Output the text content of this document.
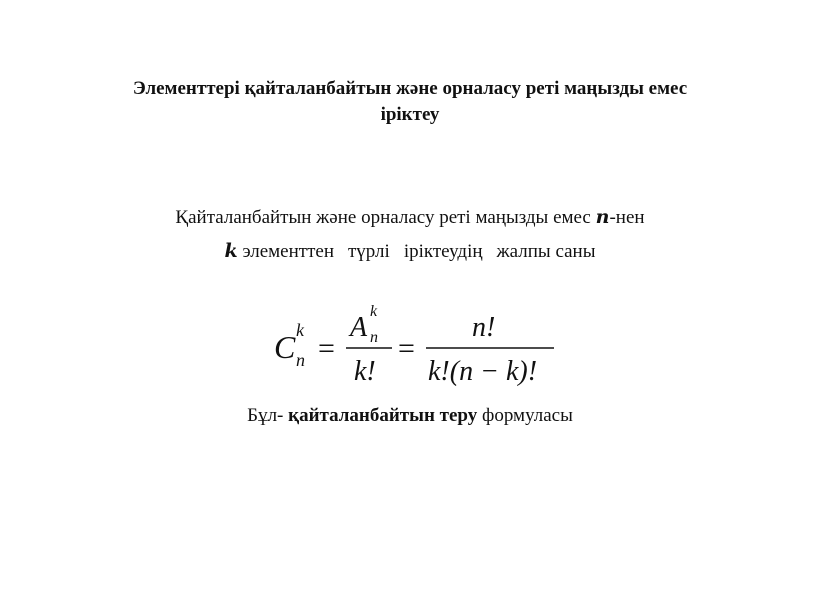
Элементтері қайталанбайтын және орналасу реті маңызды емес
іріктеу
Қайталанбайтын және орналасу реті маңызды емес 𝒏-нен
𝒌 элементтен түрлі іріктеудің жалпы саны
C k
n =
A
k
n
k!
=
n!
k!(n − k)!
Бұл- қайталанбайтын теру формуласы
